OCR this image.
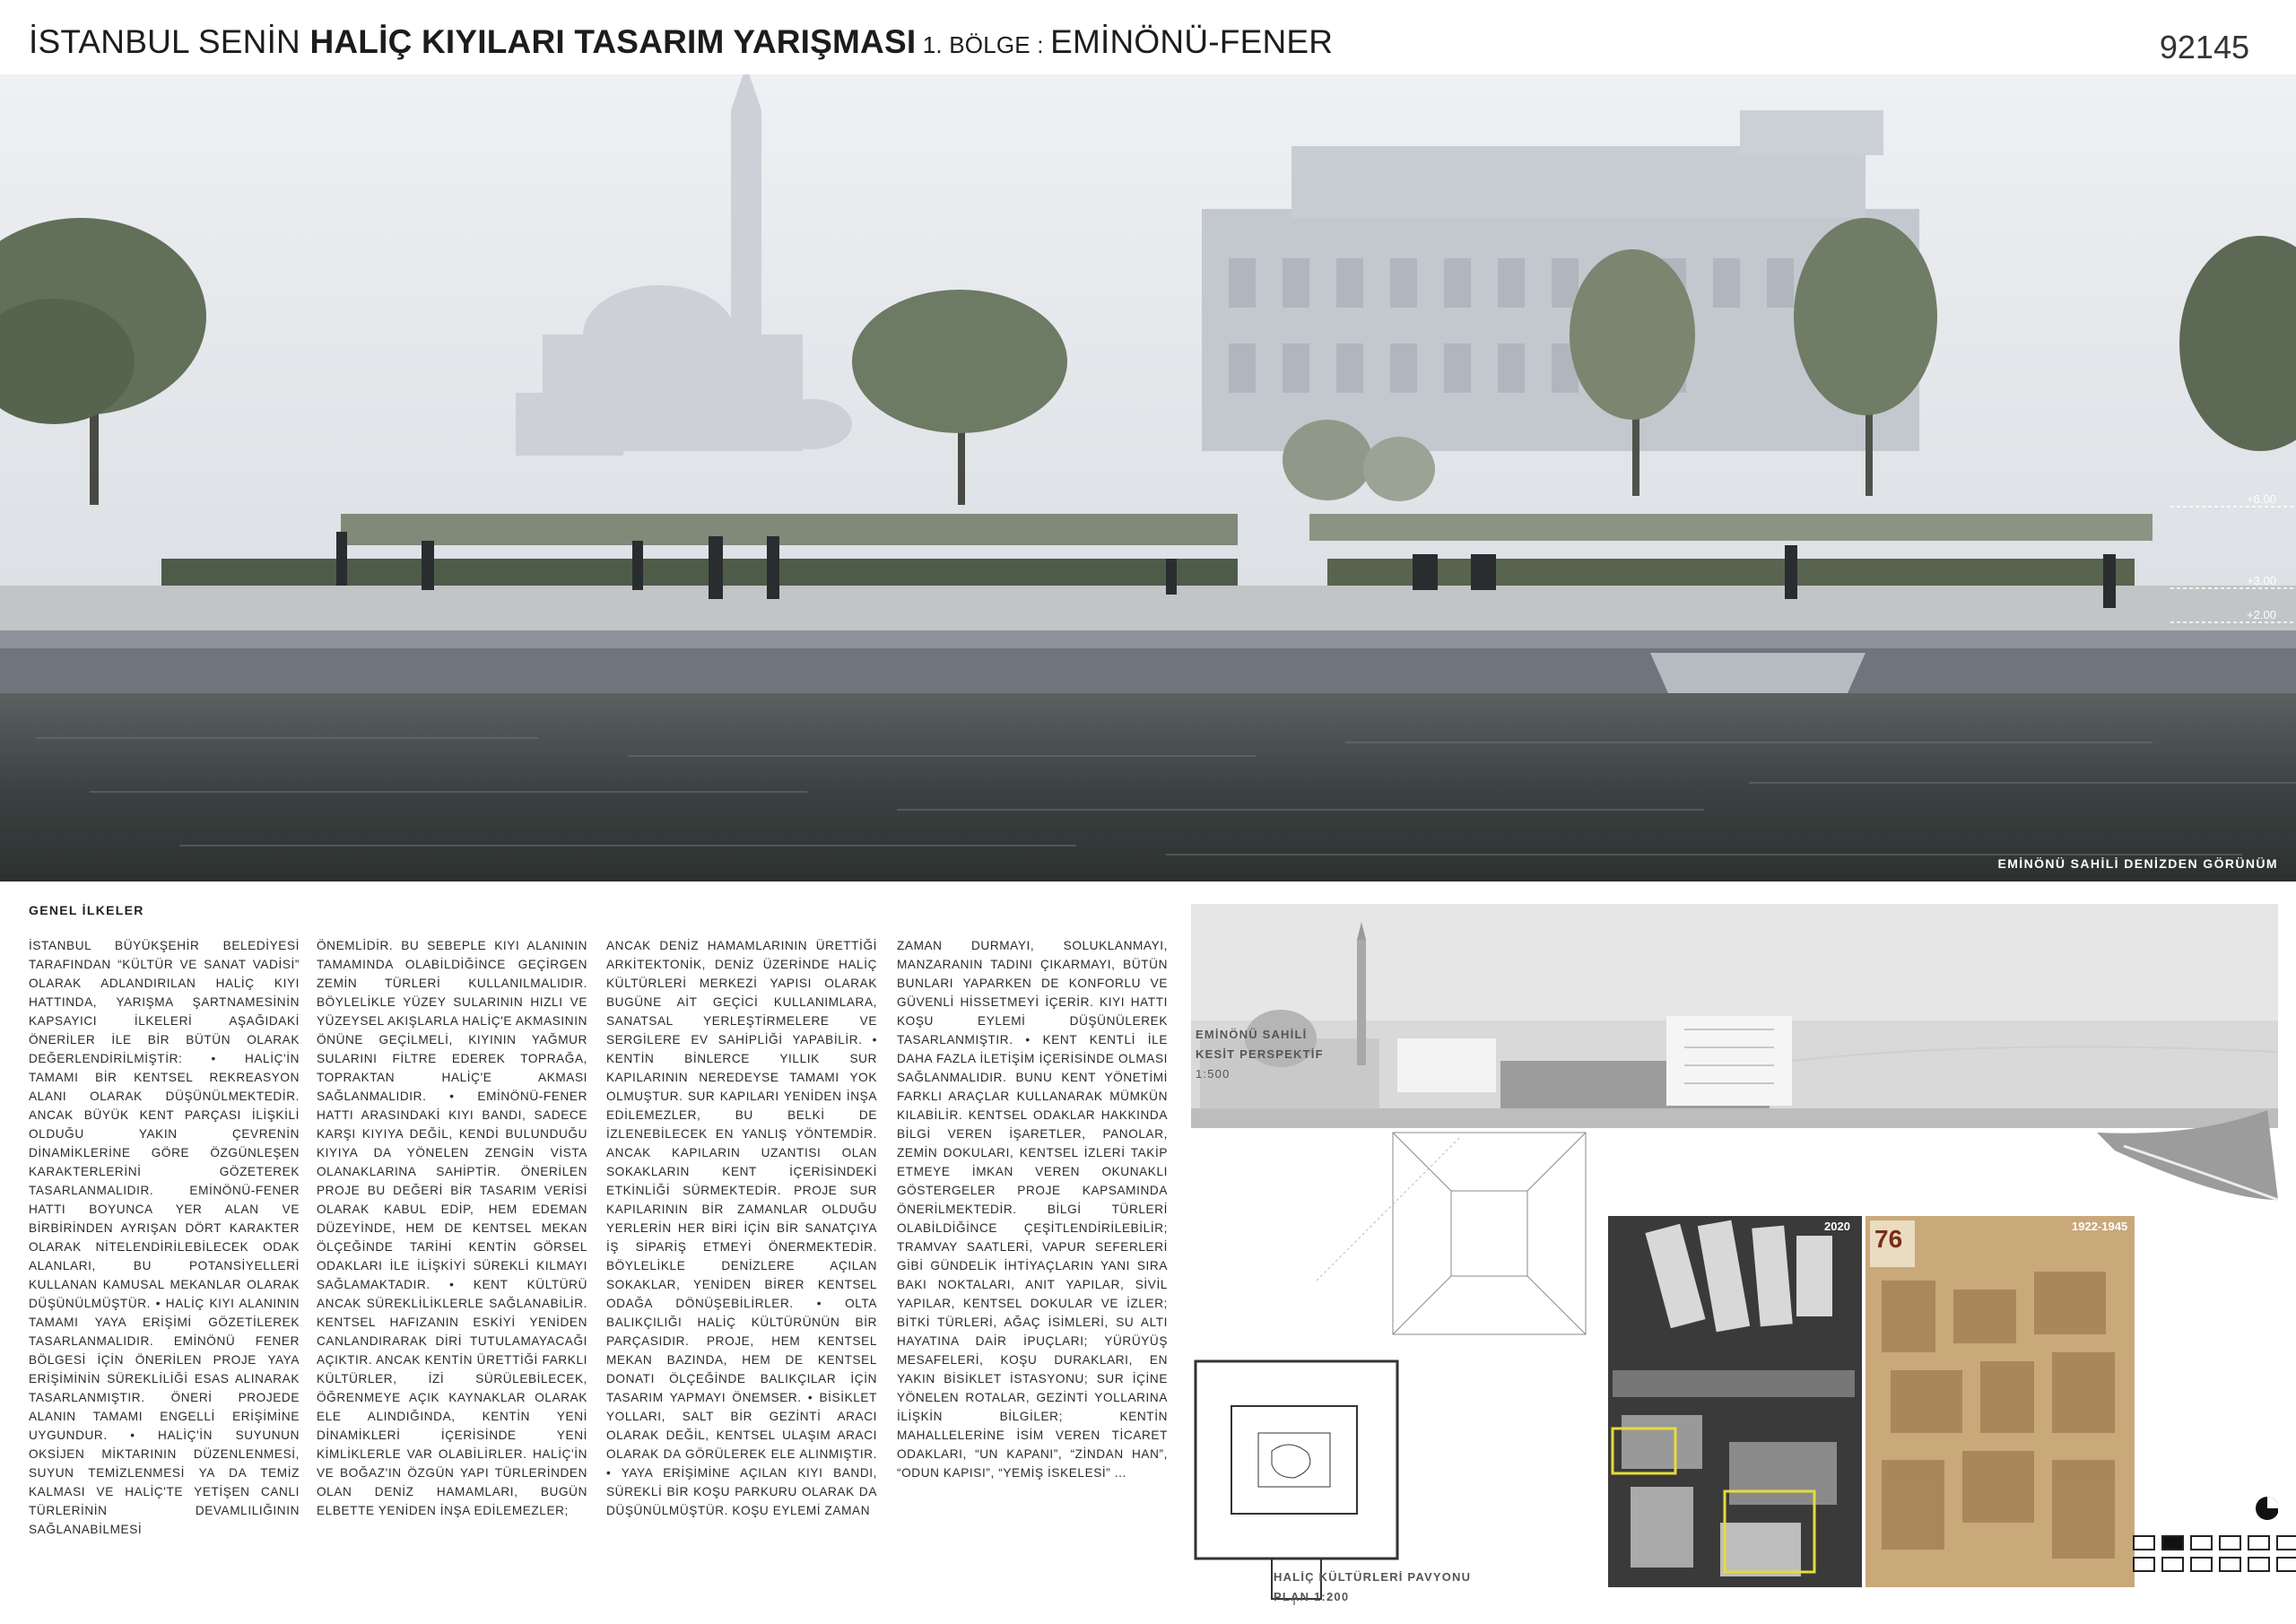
İSTANBUL SENİN HALİÇ KIYILARI TASARIM YARIŞMASI 1. BÖLGE : EMİNÖNÜ-FENER	92145
+6.00
+3.00
+2.00
EMİNÖNÜ SAHİLİ DENİZDEN GÖRÜNÜM
GENEL İLKELER

İSTANBUL BÜYÜKŞEHİR BELEDİYESİ TARAFINDAN “KÜLTÜR VE SANAT VADİSİ” OLARAK ADLANDIRILAN HALİÇ KIYI HATTINDA, YARIŞMA ŞARTNAMESİNİN KAPSAYICI İLKELERİ AŞAĞIDAKİ ÖNERİLER İLE BİR BÜTÜN OLARAK DEĞERLENDİRİLMİŞTİR: • HALİÇ'İN TAMAMI BİR KENTSEL REKREASYON ALANI OLARAK DÜŞÜNÜLMEKTEDİR. ANCAK BÜYÜK KENT PARÇASI İLİŞKİLİ OLDUĞU YAKIN ÇEVRENİN DİNAMİKLERİNE GÖRE ÖZGÜNLEŞEN KARAKTERLERİNİ GÖZETEREK TASARLANMALIDIR. EMİNÖNÜ-FENER HATTI BOYUNCA YER ALAN VE BİRBİRİNDEN AYRIŞAN DÖRT KARAKTER OLARAK NİTELENDİRİLEBİLECEK ODAK ALANLARI, BU POTANSİYELLERİ KULLANAN KAMUSAL MEKANLAR OLARAK DÜŞÜNÜLMÜŞTÜR. • HALİÇ KIYI ALANININ TAMAMI YAYA ERİŞİMİ GÖZETİLEREK TASARLANMALIDIR. EMİNÖNÜ FENER BÖLGESİ İÇİN ÖNERİLEN PROJE YAYA ERİŞİMİNİN SÜREKLİLİĞİ ESAS ALINARAK TASARLANMIŞTIR. ÖNERİ PROJEDE ALANIN TAMAMI ENGELLİ ERİŞİMİNE UYGUNDUR. • HALİÇ'İN SUYUNUN OKSİJEN MİKTARININ DÜZENLENMESİ, SUYUN TEMİZLENMESİ YA DA TEMİZ KALMASI VE HALİÇ'TE YETİŞEN CANLI TÜRLERİNİN DEVAMLILIĞININ SAĞLANABİLMESİ

ÖNEMLİDİR. BU SEBEPLE KIYI ALANININ TAMAMINDA OLABİLDİĞİNCE GEÇİRGEN ZEMİN TÜRLERİ KULLANILMALIDIR. BÖYLELİKLE YÜZEY SULARININ HIZLI VE YÜZEYSEL AKIŞLARLA HALİÇ'E AKMASININ ÖNÜNE GEÇİLMELİ, KIYININ YAĞMUR SULARINI FİLTRE EDEREK TOPRAĞA, TOPRAKTAN HALİÇ'E AKMASI SAĞLANMALIDIR. • EMİNÖNÜ-FENER HATTI ARASINDAKİ KIYI BANDI, SADECE KARŞI KIYIYA DEĞİL, KENDİ BULUNDUĞU KIYIYA DA YÖNELEN ZENGİN VİSTA OLANAKLARINA SAHİPTİR. ÖNERİLEN PROJE BU DEĞERİ BİR TASARIM VERİSİ OLARAK KABUL EDİP, HEM EDEMAN DÜZEYİNDE, HEM DE KENTSEL MEKAN ÖLÇEĞİNDE TARİHİ KENTİN GÖRSEL ODAKLARI İLE İLİŞKİYİ SÜREKLİ KILMAYI SAĞLAMAKTADIR. • KENT KÜLTÜRÜ ANCAK SÜREKLİLİKLERLE SAĞLANABİLİR. KENTSEL HAFIZANIN ESKİYİ YENİDEN CANLANDIRARAK DİRİ TUTULAMAYACAĞI AÇIKTIR. ANCAK KENTİN ÜRETTİĞİ FARKLI KÜLTÜRLER, İZİ SÜRÜLEBİLECEK, ÖĞRENMEYE AÇIK KAYNAKLAR OLARAK ELE ALINDIĞINDA, KENTİN YENİ DİNAMİKLERİ İÇERİSİNDE YENİ KİMLİKLERLE VAR OLABİLİRLER. HALİÇ'İN VE BOĞAZ'IN ÖZGÜN YAPI TÜRLERİNDEN OLAN DENİZ HAMAMLARI, BUGÜN ELBETTE YENİDEN İNŞA EDİLEMEZLER;

ANCAK DENİZ HAMAMLARININ ÜRETTİĞİ ARKİTEKTONİK, DENİZ ÜZERİNDE HALİÇ KÜLTÜRLERİ MERKEZİ YAPISI OLARAK BUGÜNE AİT GEÇİCİ KULLANIMLARA, SANATSAL YERLEŞTİRMELERE VE SERGİLERE EV SAHİPLİĞİ YAPABİLİR. • KENTİN BİNLERCE YILLIK SUR KAPILARININ NEREDEYSE TAMAMI YOK OLMUŞTUR. SUR KAPILARI YENİDEN İNŞA EDİLEMEZLER, BU BELKİ DE İZLENEBİLECEK EN YANLIŞ YÖNTEMDİR. ANCAK KAPILARIN UZANTISI OLAN SOKAKLARIN KENT İÇERİSİNDEKİ ETKİNLİĞİ SÜRMEKTEDİR. PROJE SUR KAPILARININ BİR ZAMANLAR OLDUĞU YERLERİN HER BİRİ İÇİN BİR SANATÇIYA İŞ SİPARİŞ ETMEYİ ÖNERMEKTEDİR. BÖYLELİKLE DENİZLERE AÇILAN SOKAKLAR, YENİDEN BİRER KENTSEL ODAĞA DÖNÜŞEBİLİRLER. • OLTA BALIKÇILIĞI HALİÇ KÜLTÜRÜNÜN BİR PARÇASIDIR. PROJE, HEM KENTSEL MEKAN BAZINDA, HEM DE KENTSEL DONATI ÖLÇEĞİNDE BALIKÇILAR İÇİN TASARIM YAPMAYI ÖNEMSER. • BİSİKLET YOLLARI, SALT BİR GEZİNTİ ARACI OLARAK DEĞİL, KENTSEL ULAŞIM ARACI OLARAK DA GÖRÜLEREK ELE ALINMIŞTIR. • YAYA ERİŞİMİNE AÇILAN KIYI BANDI, SÜREKLİ BİR KOŞU PARKURU OLARAK DA DÜŞÜNÜLMÜŞTÜR. KOŞU EYLEMİ ZAMAN

ZAMAN DURMAYI, SOLUKLANMAYI, MANZARANIN TADINI ÇIKARMAYI, BÜTÜN BUNLARI YAPARKEN DE KONFORLU VE GÜVENLİ HİSSETMEYİ İÇERİR. KIYI HATTI KOŞU EYLEMİ DÜŞÜNÜLEREK TASARLANMIŞTIR. • KENT KENTLİ İLE DAHA FAZLA İLETİŞİM İÇERİSİNDE OLMASI SAĞLANMALIDIR. BUNU KENT YÖNETİMİ FARKLI ARAÇLAR KULLANARAK MÜMKÜN KILABİLİR. KENTSEL ODAKLAR HAKKINDA BİLGİ VEREN İŞARETLER, PANOLAR, ZEMİN DOKULARI, KENTSEL İZLERİ TAKİP ETMEYE İMKAN VEREN OKUNAKLI GÖSTERGELER PROJE KAPSAMINDA ÖNERİLMEKTEDİR. BİLGİ TÜRLERİ OLABİLDİĞİNCE ÇEŞİTLENDİRİLEBİLİR; TRAMVAY SAATLERİ, VAPUR SEFERLERİ GİBİ GÜNDELİK İHTİYAÇLARIN YANI SIRA BAKI NOKTALARI, ANIT YAPILAR, SİVİL YAPILAR, KENTSEL DOKULAR VE İZLER; BİTKİ TÜRLERİ, AĞAÇ İSİMLERİ, SU ALTI HAYATINA DAİR İPUÇLARI; YÜRÜYÜŞ MESAFELERİ, KOŞU DURAKLARI, EN YAKIN BİSİKLET İSTASYONU; SUR İÇİNE YÖNELEN ROTALAR, GEZİNTİ YOLLARINA İLİŞKİN BİLGİLER; KENTİN MAHALLELERİNE İSİM VEREN TİCARET ODAKLARI, “UN KAPANI”, “ZİNDAN HAN”, “ODUN KAPISI”, “YEMİŞ İSKELESİ” ...

EMİNÖNÜ SAHİLİ
KESİT PERSPEKTİF
1:500
2020	1922-1945
76
HALİÇ KÜLTÜRLERİ PAVYONU
PLAN 1:200
